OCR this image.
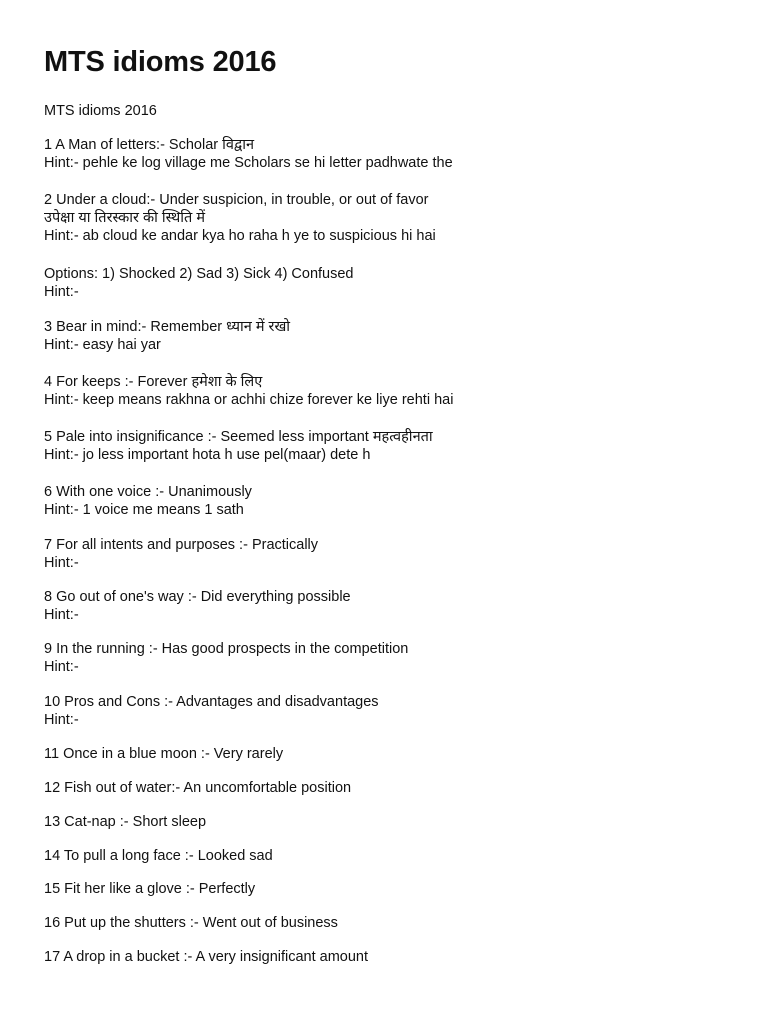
MTS idioms 2016
MTS idioms 2016
1 A Man of letters:- Scholar विद्वान
Hint:- pehle ke log village me Scholars se hi letter padhwate the
2 Under a cloud:- Under suspicion, in trouble, or out of favor
उपेक्षा या तिरस्कार की स्थिति में
Hint:- ab cloud ke andar kya ho raha h ye to suspicious hi hai
Options: 1) Shocked 2) Sad 3) Sick 4) Confused
Hint:-
3 Bear in mind:- Remember ध्यान में रखो
Hint:- easy hai yar
4 For keeps :- Forever हमेशा के लिए
Hint:- keep means rakhna or achhi chize forever ke liye rehti hai
5 Pale into insignificance :- Seemed less important महत्वहीनता
Hint:- jo less important hota h use pel(maar) dete h
6 With one voice :- Unanimously
Hint:- 1 voice me means 1 sath
7 For all intents and purposes :- Practically
Hint:-
8 Go out of one's way :- Did everything possible
Hint:-
9 In the running :- Has good prospects in the competition
Hint:-
10 Pros and Cons :- Advantages and disadvantages
Hint:-
11 Once in a blue moon :- Very rarely
12 Fish out of water:- An uncomfortable position
13 Cat-nap :- Short sleep
14 To pull a long face :- Looked sad
15 Fit her like a glove :- Perfectly
16 Put up the shutters :- Went out of business
17 A drop in a bucket :- A very insignificant amount
